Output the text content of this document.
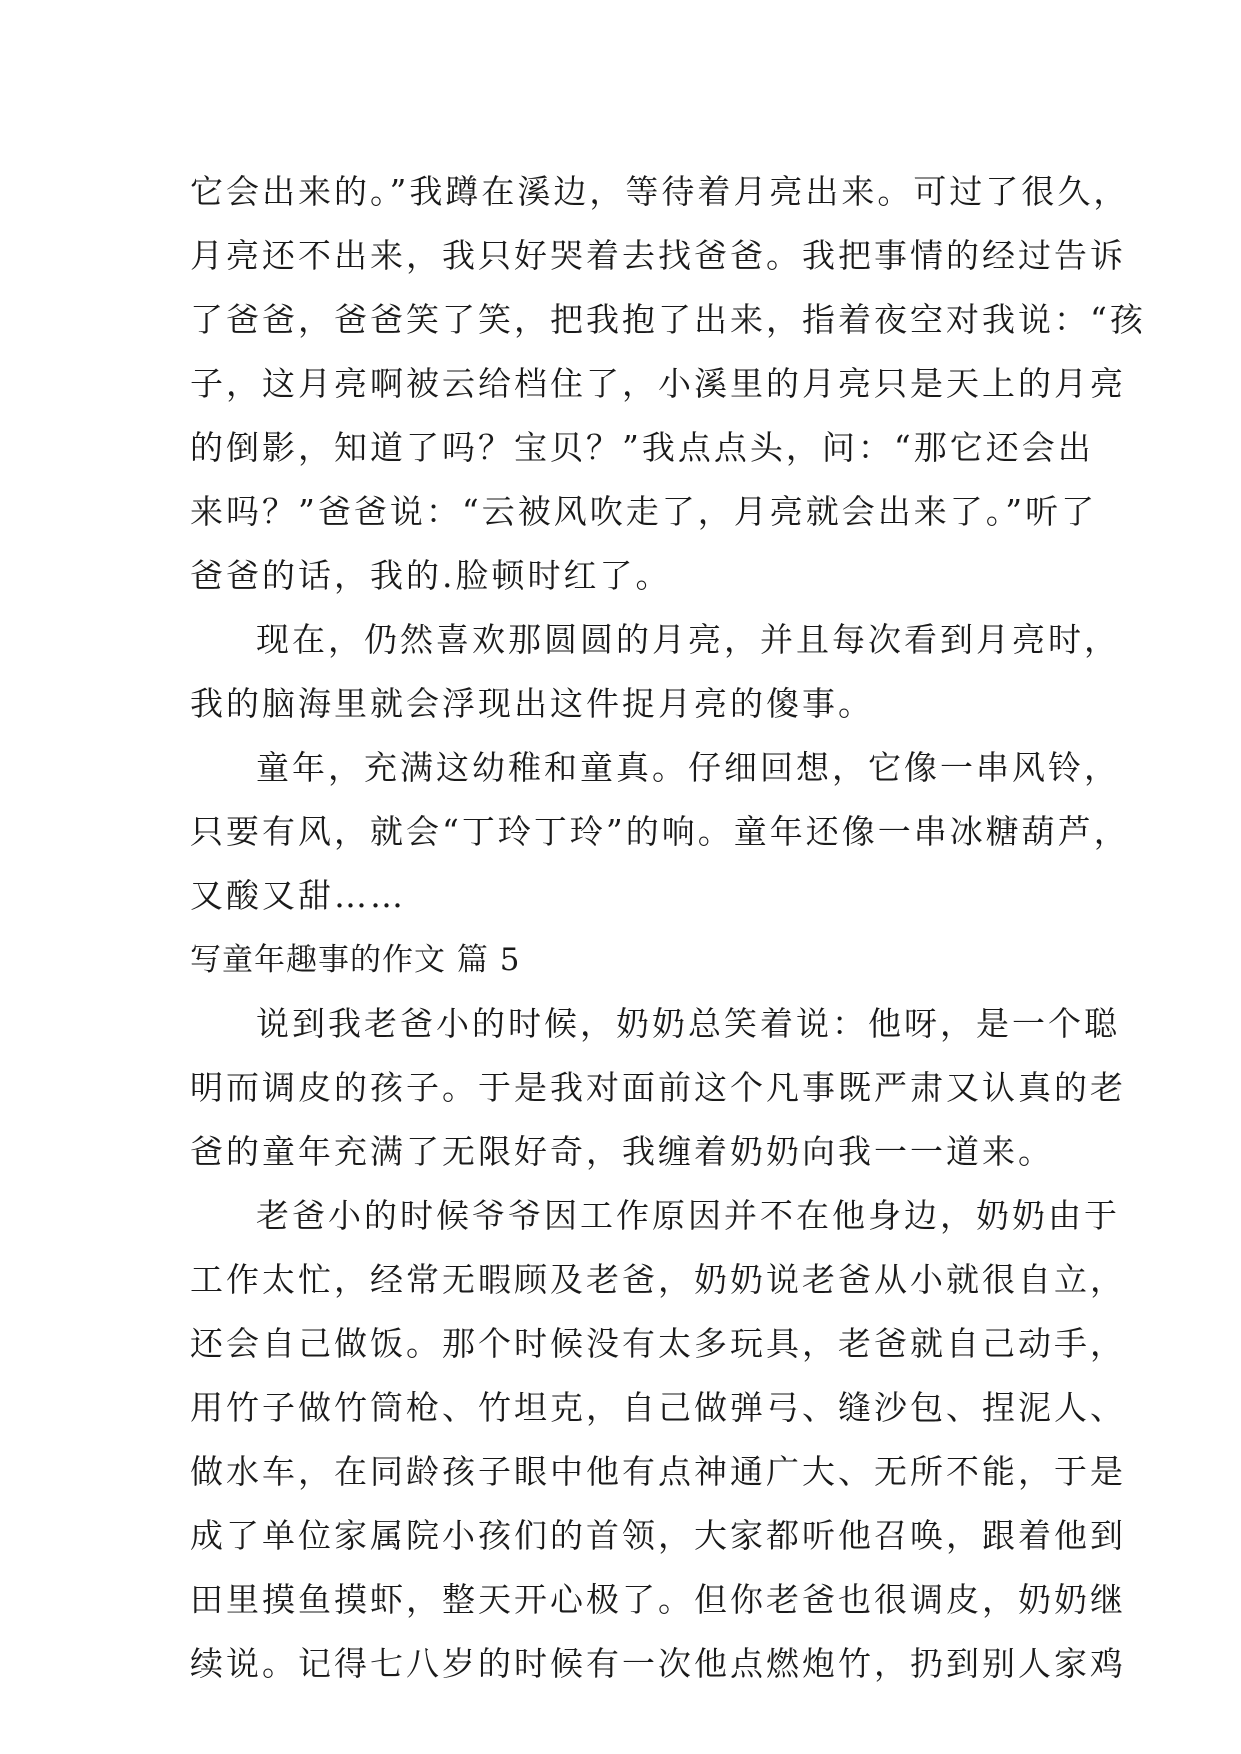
它会出来的。”我蹲在溪边，等待着月亮出来。可过了很久，
月亮还不出来，我只好哭着去找爸爸。我把事情的经过告诉
了爸爸，爸爸笑了笑，把我抱了出来，指着夜空对我说：“孩
子，这月亮啊被云给档住了，小溪里的月亮只是天上的月亮
的倒影，知道了吗？宝贝？”我点点头，问：“那它还会出
来吗？”爸爸说：“云被风吹走了，月亮就会出来了。”听了
爸爸的话，我的.脸顿时红了。

现在，仍然喜欢那圆圆的月亮，并且每次看到月亮时，
我的脑海里就会浮现出这件捉月亮的傻事。

童年，充满这幼稚和童真。仔细回想，它像一串风铃，
只要有风，就会“丁玲丁玲”的响。童年还像一串冰糖葫芦，
又酸又甜……

写童年趣事的作文 篇 5

说到我老爸小的时候，奶奶总笑着说：他呀，是一个聪
明而调皮的孩子。于是我对面前这个凡事既严肃又认真的老
爸的童年充满了无限好奇，我缠着奶奶向我一一道来。

老爸小的时候爷爷因工作原因并不在他身边，奶奶由于
工作太忙，经常无暇顾及老爸，奶奶说老爸从小就很自立，
还会自己做饭。那个时候没有太多玩具，老爸就自己动手，
用竹子做竹筒枪、竹坦克，自己做弹弓、缝沙包、捏泥人、
做水车，在同龄孩子眼中他有点神通广大、无所不能，于是
成了单位家属院小孩们的首领，大家都听他召唤，跟着他到
田里摸鱼摸虾，整天开心极了。但你老爸也很调皮，奶奶继
续说。记得七八岁的时候有一次他点燃炮竹，扔到别人家鸡
